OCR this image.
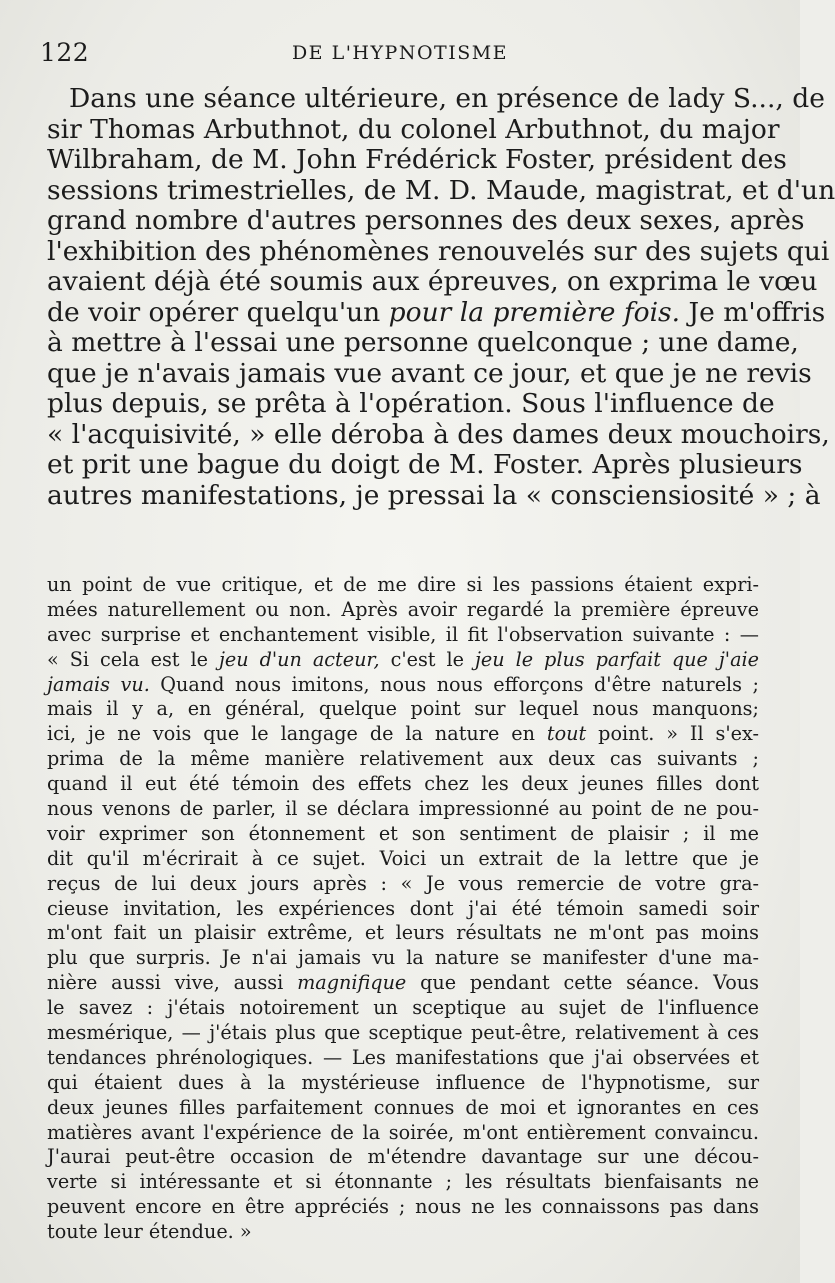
122	DE L'HYPNOTISME
Dans une séance ultérieure, en présence de lady S..., de
sir Thomas Arbuthnot, du colonel Arbuthnot, du major
Wilbraham, de M. John Frédérick Foster, président des
sessions trimestrielles, de M. D. Maude, magistrat, et d'un
grand nombre d'autres personnes des deux sexes, après
l'exhibition des phénomènes renouvelés sur des sujets qui
avaient déjà été soumis aux épreuves, on exprima le vœu
de voir opérer quelqu'un pour la première fois. Je m'offris
à mettre à l'essai une personne quelconque ; une dame,
que je n'avais jamais vue avant ce jour, et que je ne revis
plus depuis, se prêta à l'opération. Sous l'influence de
« l'acquisivité, » elle déroba à des dames deux mouchoirs,
et prit une bague du doigt de M. Foster. Après plusieurs
autres manifestations, je pressai la « consciensiosité » ; à
un point de vue critique, et de me dire si les passions étaient expri-
mées naturellement ou non. Après avoir regardé la première épreuve
avec surprise et enchantement visible, il fit l'observation suivante : —
« Si cela est le jeu d'un acteur, c'est le jeu le plus parfait que j'aie
jamais vu. Quand nous imitons, nous nous efforçons d'être naturels ;
mais il y a, en général, quelque point sur lequel nous manquons;
ici, je ne vois que le langage de la nature en tout point. » Il s'ex-
prima de la même manière relativement aux deux cas suivants ;
quand il eut été témoin des effets chez les deux jeunes filles dont
nous venons de parler, il se déclara impressionné au point de ne pou-
voir exprimer son étonnement et son sentiment de plaisir ; il me
dit qu'il m'écrirait à ce sujet. Voici un extrait de la lettre que je
reçus de lui deux jours après : « Je vous remercie de votre gra-
cieuse invitation, les expériences dont j'ai été témoin samedi soir
m'ont fait un plaisir extrême, et leurs résultats ne m'ont pas moins
plu que surpris. Je n'ai jamais vu la nature se manifester d'une ma-
nière aussi vive, aussi magnifique que pendant cette séance. Vous
le savez : j'étais notoirement un sceptique au sujet de l'influence
mesmérique, — j'étais plus que sceptique peut-être, relativement à ces
tendances phrénologiques. — Les manifestations que j'ai observées et
qui étaient dues à la mystérieuse influence de l'hypnotisme, sur
deux jeunes filles parfaitement connues de moi et ignorantes en ces
matières avant l'expérience de la soirée, m'ont entièrement convaincu.
J'aurai peut-être occasion de m'étendre davantage sur une décou-
verte si intéressante et si étonnante ; les résultats bienfaisants ne
peuvent encore en être appréciés ; nous ne les connaissons pas dans
toute leur étendue. »
